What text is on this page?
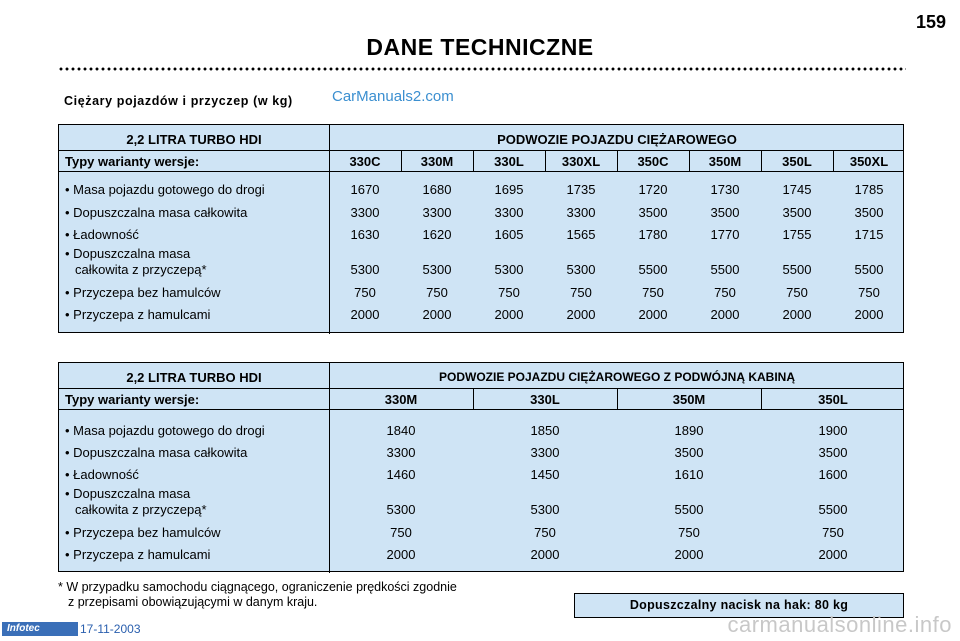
159
DANE TECHNICZNE
Ciężary pojazdów i przyczep (w kg)	CarManuals2.com
2,2 LITRA TURBO HDI	PODWOZIE POJAZDU CIĘŻAROWEGO
Typy warianty wersje:	330C	330M	330L	330XL	350C	350M	350L	350XL
• Masa pojazdu gotowego do drogi	1670	1680	1695	1735	1720	1730	1745	1785
• Dopuszczalna masa całkowita	3300	3300	3300	3300	3500	3500	3500	3500
• Ładowność	1630	1620	1605	1565	1780	1770	1755	1715
• Dopuszczalna masa
całkowita z przyczepą*	5300	5300	5300	5300	5500	5500	5500	5500
• Przyczepa bez hamulców	750	750	750	750	750	750	750	750
• Przyczepa z hamulcami	2000	2000	2000	2000	2000	2000	2000	2000
2,2 LITRA TURBO HDI	PODWOZIE POJAZDU CIĘŻAROWEGO Z PODWÓJNĄ KABINĄ
Typy warianty wersje:	330M	330L	350M	350L
• Masa pojazdu gotowego do drogi	1840	1850	1890	1900
• Dopuszczalna masa całkowita	3300	3300	3500	3500
• Ładowność	1460	1450	1610	1600
• Dopuszczalna masa
całkowita z przyczepą*	5300	5300	5500	5500
• Przyczepa bez hamulców	750	750	750	750
• Przyczepa z hamulcami	2000	2000	2000	2000
* W przypadku samochodu ciągnącego, ograniczenie prędkości zgodnie
z przepisami obowiązującymi w danym kraju.	Dopuszczalny nacisk na hak: 80 kg
Infotec	17-11-2003	carmanualsonline.info
